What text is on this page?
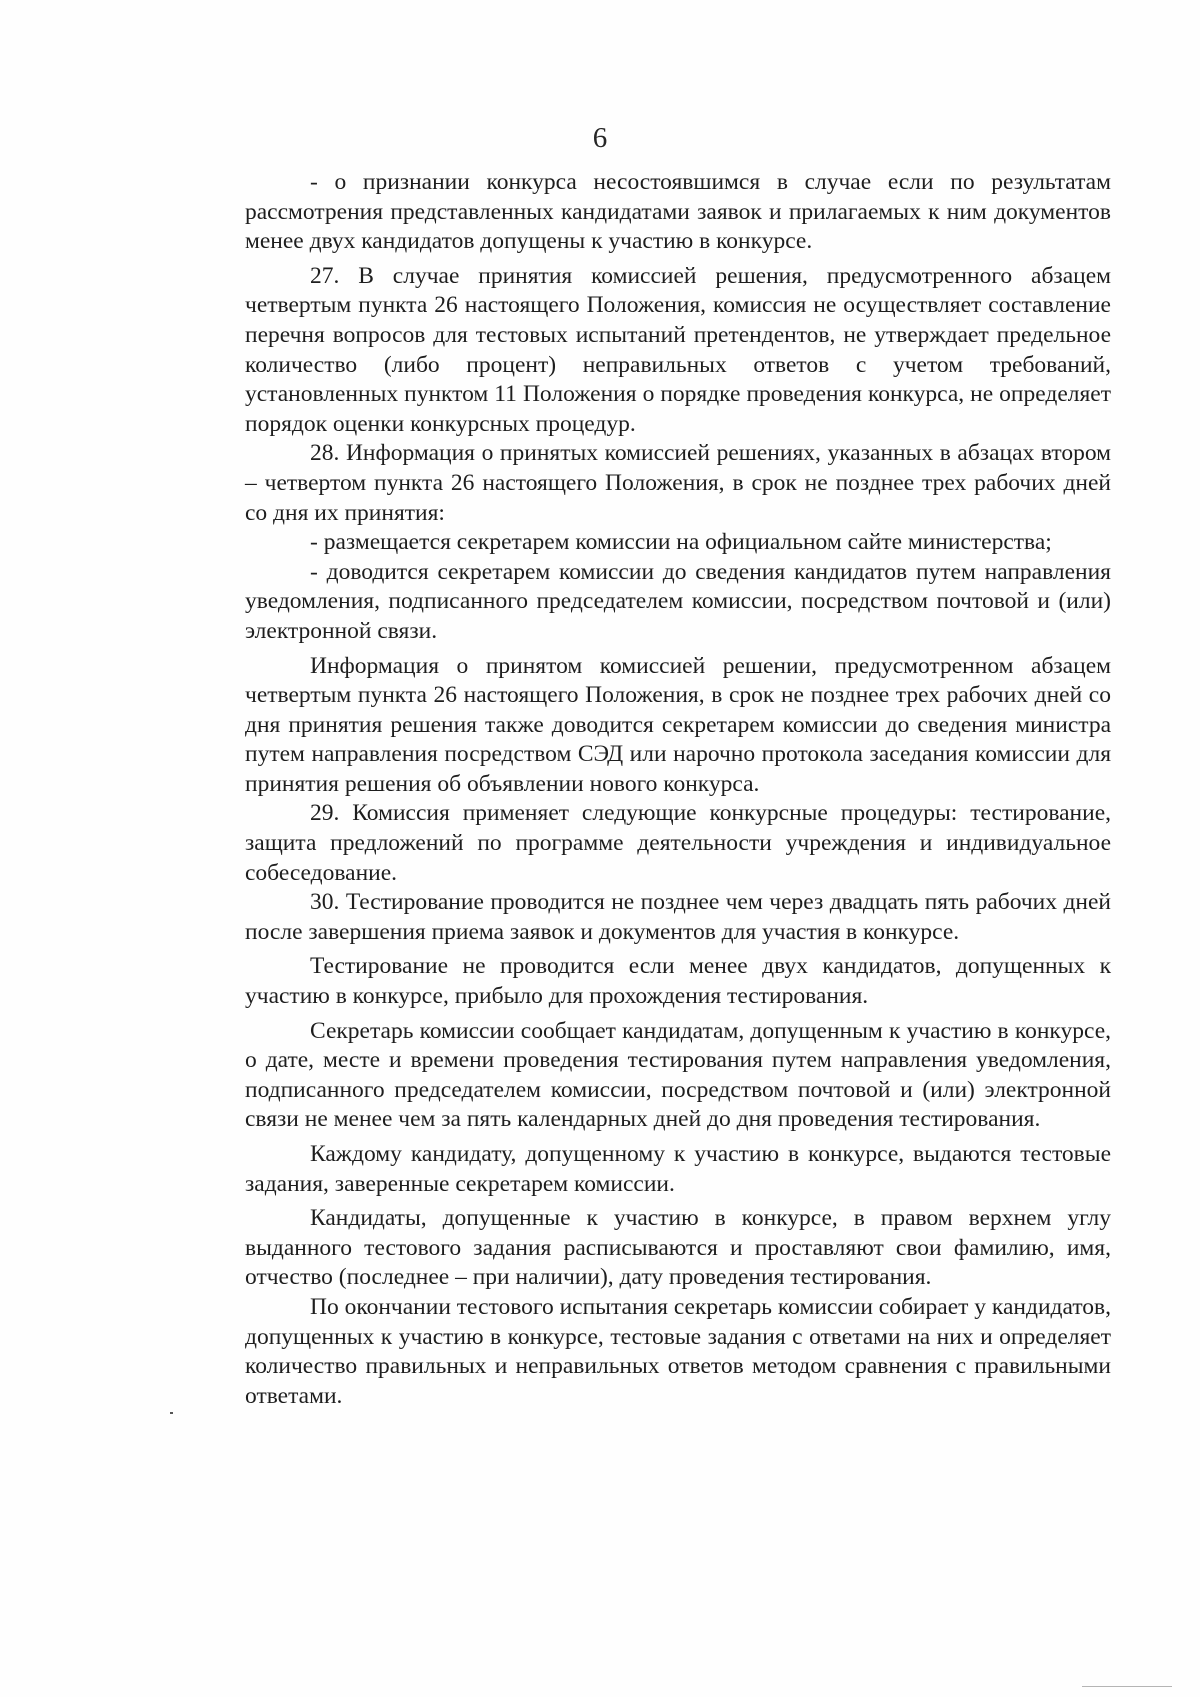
6

- о признании конкурса несостоявшимся в случае если по результатам рассмотрения представленных кандидатами заявок и прилагаемых к ним документов менее двух кандидатов допущены к участию в конкурсе.

27. В случае принятия комиссией решения, предусмотренного абзацем четвертым пункта 26 настоящего Положения, комиссия не осуществляет составление перечня вопросов для тестовых испытаний претендентов, не утверждает предельное количество (либо процент) неправильных ответов с учетом требований, установленных пунктом 11 Положения о порядке проведения конкурса, не определяет порядок оценки конкурсных процедур.

28. Информация о принятых комиссией решениях, указанных в абзацах втором – четвертом пункта 26 настоящего Положения, в срок не позднее трех рабочих дней со дня их принятия:

- размещается секретарем комиссии на официальном сайте министерства;

- доводится секретарем комиссии до сведения кандидатов путем направления уведомления, подписанного председателем комиссии, посредством почтовой и (или) электронной связи.

Информация о принятом комиссией решении, предусмотренном абзацем четвертым пункта 26 настоящего Положения, в срок не позднее трех рабочих дней со дня принятия решения также доводится секретарем комиссии до сведения министра путем направления посредством СЭД или нарочно протокола заседания комиссии для принятия решения об объявлении нового конкурса.

29. Комиссия применяет следующие конкурсные процедуры: тестирование, защита предложений по программе деятельности учреждения и индивидуальное собеседование.

30. Тестирование проводится не позднее чем через двадцать пять рабочих дней после завершения приема заявок и документов для участия в конкурсе.

Тестирование не проводится если менее двух кандидатов, допущенных к участию в конкурсе, прибыло для прохождения тестирования.

Секретарь комиссии сообщает кандидатам, допущенным к участию в конкурсе, о дате, месте и времени проведения тестирования путем направления уведомления, подписанного председателем комиссии, посредством почтовой и (или) электронной связи не менее чем за пять календарных дней до дня проведения тестирования.

Каждому кандидату, допущенному к участию в конкурсе, выдаются тестовые задания, заверенные секретарем комиссии.

Кандидаты, допущенные к участию в конкурсе, в правом верхнем углу выданного тестового задания расписываются и проставляют свои фамилию, имя, отчество (последнее – при наличии), дату проведения тестирования.

По окончании тестового испытания секретарь комиссии собирает у кандидатов, допущенных к участию в конкурсе, тестовые задания с ответами на них и определяет количество правильных и неправильных ответов методом сравнения с правильными ответами.
